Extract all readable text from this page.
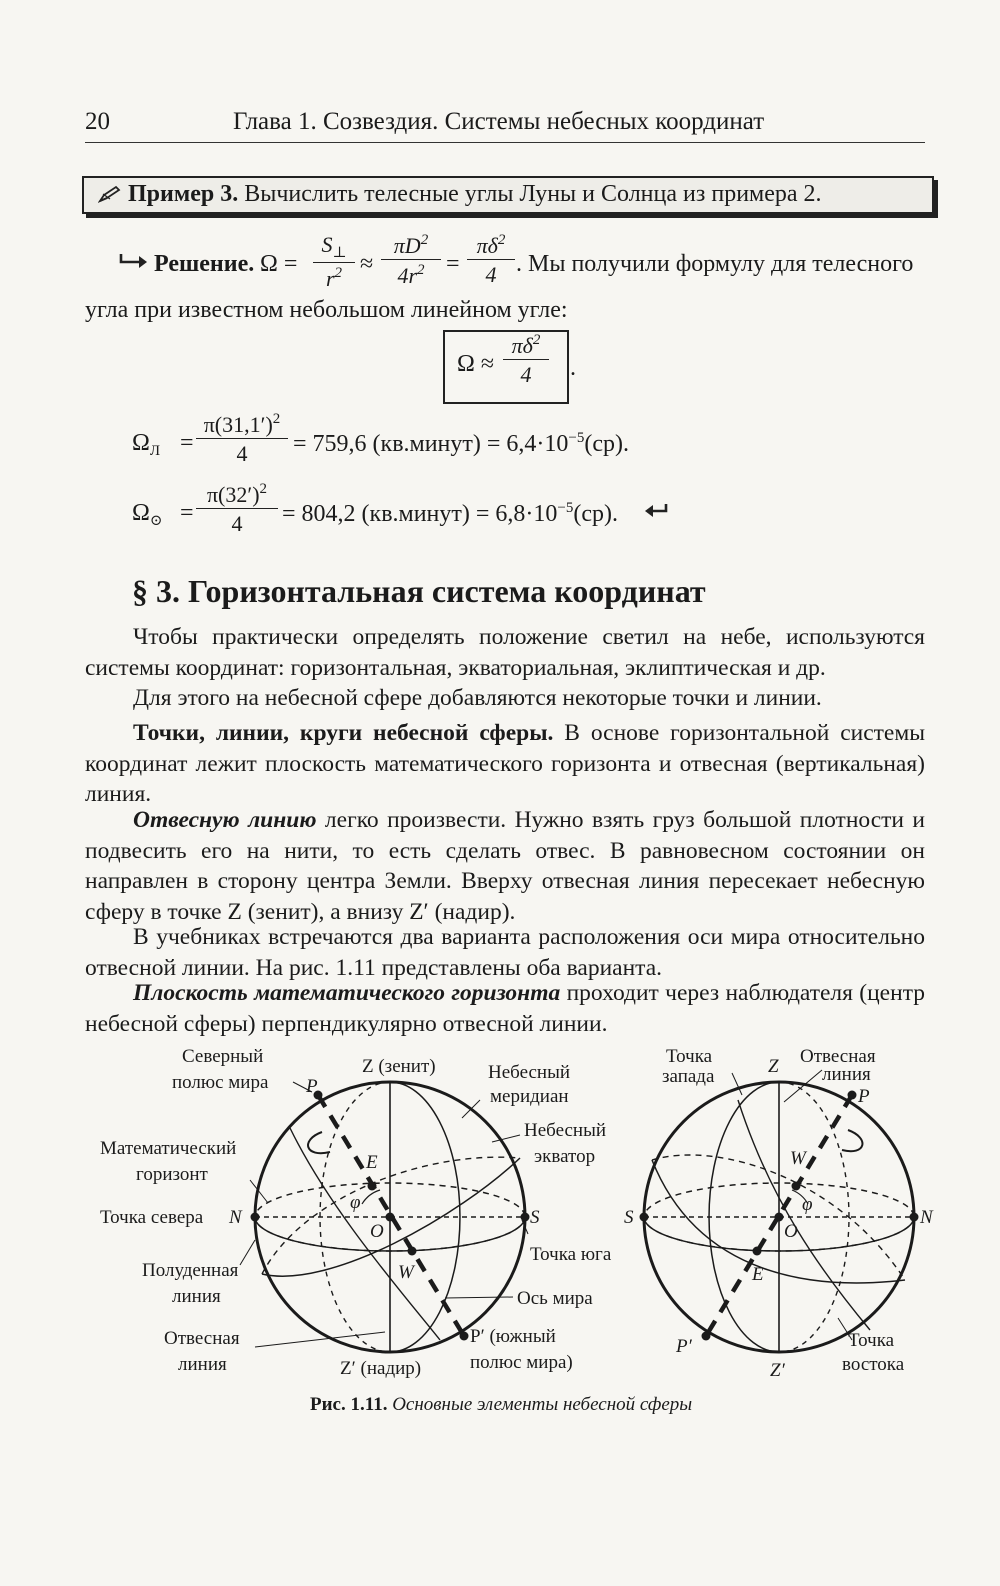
20	Глава 1. Созвездия. Системы небесных координат
Пример 3. Вычислить телесные углы Луны и Солнца из примера 2.
Решение. $\Omega = \frac{S_\perp}{r^2} \approx \frac{\pi D^2}{4r^2} = \frac{\pi\delta^2}{4}$ . Мы получили формулу для телесного
угла при известном небольшом линейном угле:
$\Omega \approx \frac{\pi\delta^2}{4}$ .
$\Omega_Л = \frac{\pi(31,1')^2}{4} = 759,6$ (кв.минут) = $6,4\cdot 10^{-5}(ср)$.
$\Omega_⊙ = \frac{\pi(32')^2}{4} = 804,2$ (кв.минут) = $6,8\cdot 10^{-5}(ср)$.
§ 3. Горизонтальная система координат

Чтобы практически определять положение светил на небе, используются системы координат: горизонтальная, экваториальная, эклиптическая и др.

Для этого на небесной сфере добавляются некоторые точки и линии.

Точки, линии, круги небесной сферы. В основе горизонтальной системы координат лежит плоскость математического горизонта и отвесная (вертикальная) линия.

Отвесную линию легко произвести. Нужно взять груз большой плотности и подвесить его на нити, то есть сделать отвес. В равновесном состоянии он направлен в сторону центра Земли. Вверху отвесная линия пересекает небесную сферу в точке Z (зенит), а внизу Z′ (надир).

В учебниках встречаются два варианта расположения оси мира относительно отвесной линии. На рис. 1.11 представлены оба варианта.

Плоскость математического горизонта проходит через наблюдателя (центр небесной сферы) перпендикулярно отвесной линии.

Северный
полюс мира P
Z (зенит)	Небесный
меридиан
Небесный
экватор
Математический
горизонт
E
φ
Точка севера N
O
S
Точка юга
Полуденная
линия
W
Ось мира
Отвесная
линия	Z′ (надир)
P′ (южный
полюс мира)
Точка
запада	Z Отвесная
линия
P
W
φ
S	N
O
E
P′
Z′
Точка
востока
Рис. 1.11. Основные элементы небесной сферы
